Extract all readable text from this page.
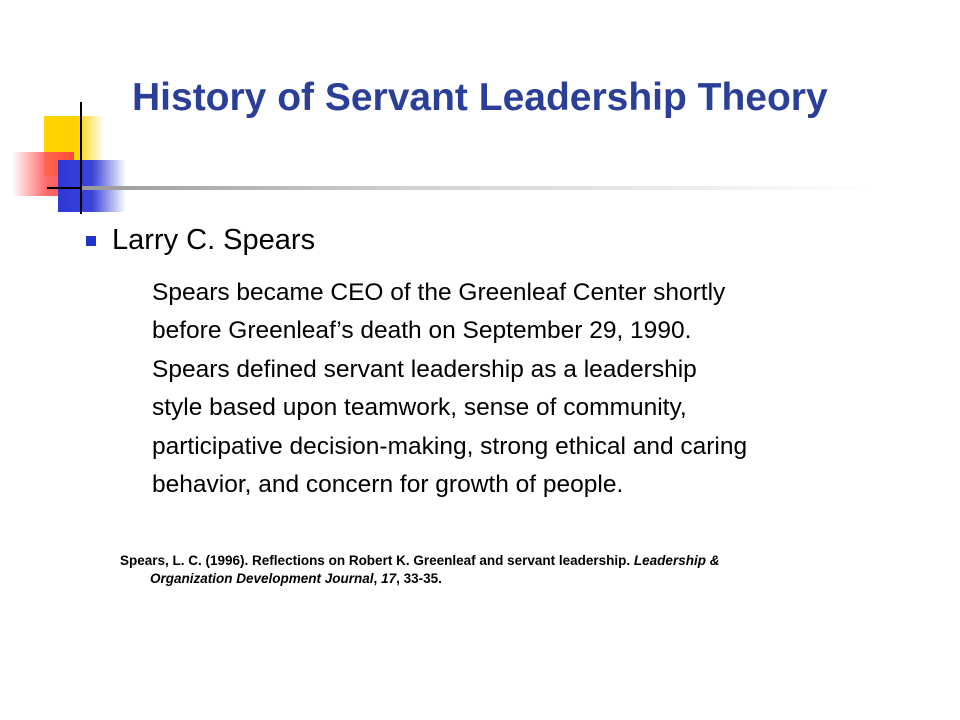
History of Servant Leadership Theory

Larry C. Spears

Spears became CEO of the Greenleaf Center shortly
before Greenleaf’s death on September 29, 1990.
Spears defined servant leadership as a leadership
style based upon teamwork, sense of community,
participative decision-making, strong ethical and caring
behavior, and concern for growth of people.

Spears, L. C. (1996). Reflections on Robert K. Greenleaf and servant leadership. Leadership &
Organization Development Journal, 17, 33-35.
